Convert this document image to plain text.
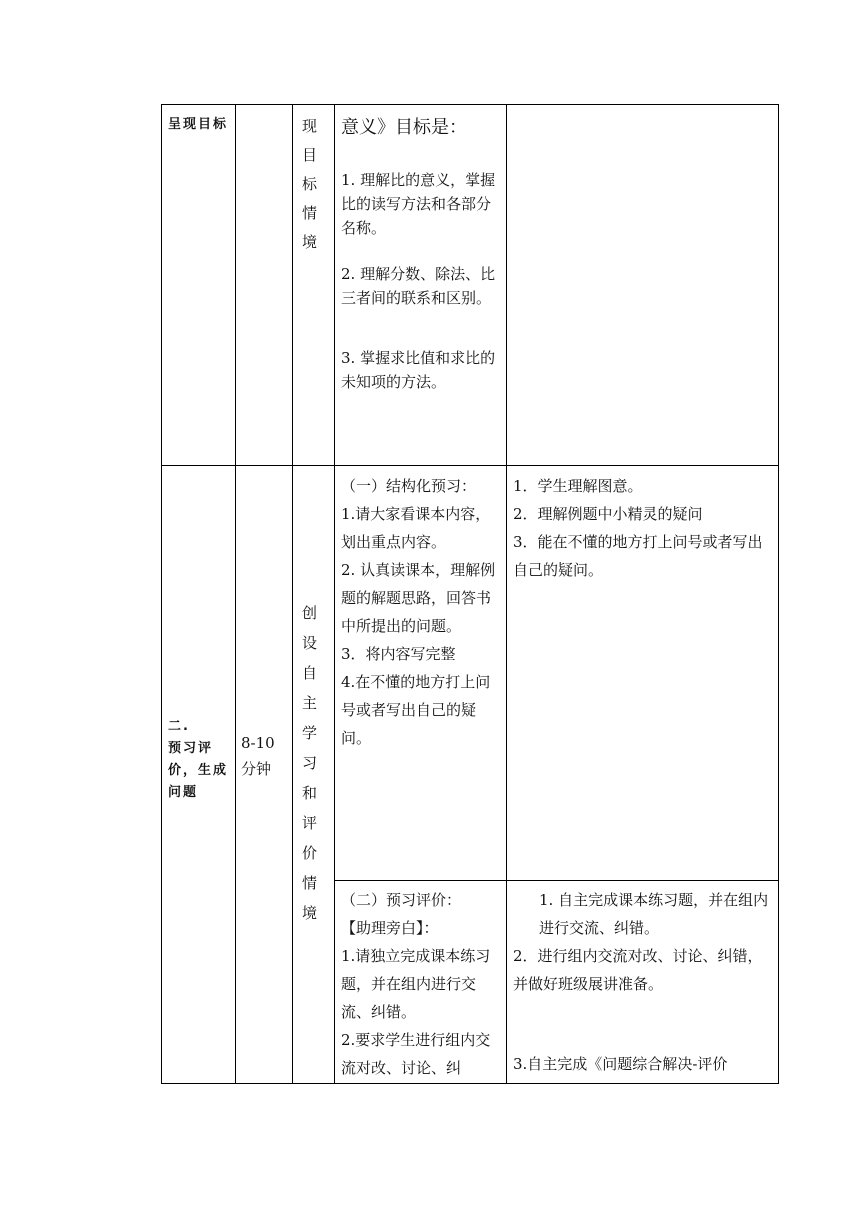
呈现目标	现目标情境
意义》目标是：
1. 理解比的意义，掌握比的读写方法和各部分名称。
2. 理解分数、除法、比三者间的联系和区别。
3. 掌握求比值和求比的未知项的方法。
二.
预习评
价，生成
问题
8-10分钟
创设自主学习和评价情境
（一）结构化预习：
1.请大家看课本内容，划出重点内容。
2. 认真读课本，理解例题的解题思路，回答书中所提出的问题。
3．将内容写完整
4.在不懂的地方打上问号或者写出自己的疑问。
1．学生理解图意。
2．理解例题中小精灵的疑问
3．能在不懂的地方打上问号或者写出自己的疑问。
（二）预习评价：
【助理旁白】：
1.请独立完成课本练习题，并在组内进行交流、纠错。
2.要求学生进行组内交流对改、讨论、纠
1. 自主完成课本练习题，并在组内进行交流、纠错。
2．进行组内交流对改、讨论、纠错，并做好班级展讲准备。
3.自主完成《问题综合解决-评价
